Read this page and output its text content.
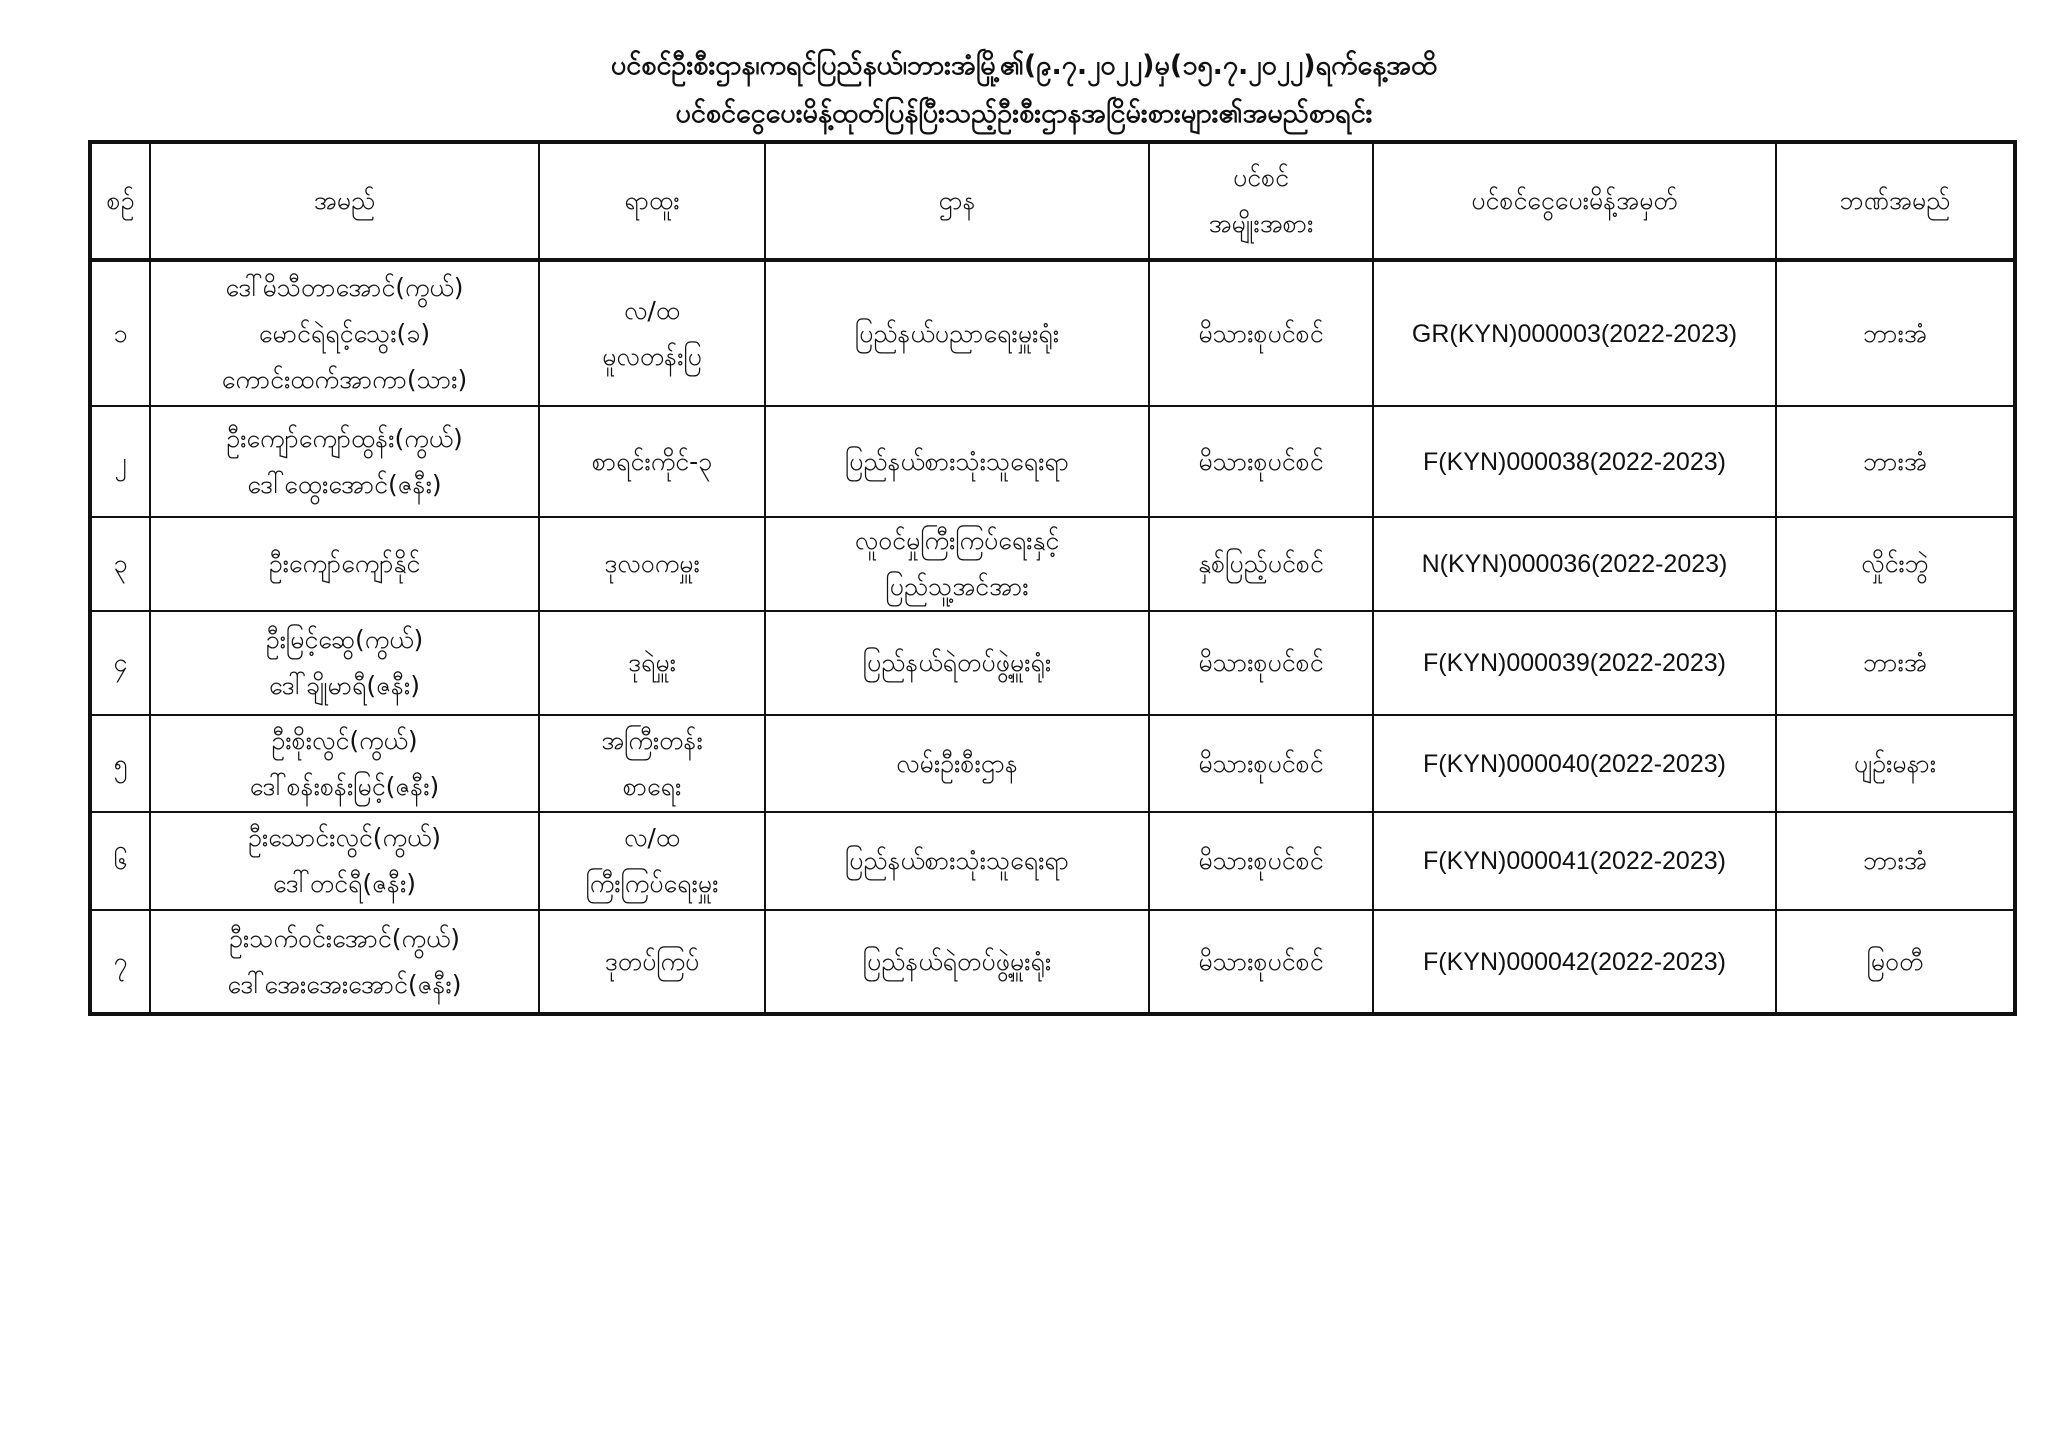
ပင်စင်ဦးစီးဌာန၊ကရင်ပြည်နယ်၊ဘားအံမြို့၏(၉.၇.၂၀၂၂)မှ(၁၅.၇.၂၀၂၂)ရက်နေ့အထိ
ပင်စင်ငွေပေးမိန့်ထုတ်ပြန်ပြီးသည့်ဦးစီးဌာနအငြိမ်းစားများ၏အမည်စာရင်း
စဉ်	အမည်	ရာထူး	ဌာန	ပင်စင်
အမျိုးအစား	ပင်စင်ငွေပေးမိန့်အမှတ်	ဘဏ်အမည်
၁	ဒေါ်မိသီတာအောင်(ကွယ်)
မောင်ရဲရင့်သွေး(ခ)
ကောင်းထက်အာကာ(သား)	လ/ထ
မူလတန်းပြ	ပြည်နယ်ပညာရေးမှူးရုံး	မိသားစုပင်စင်	GR(KYN)000003(2022-2023)	ဘားအံ
၂	ဦးကျော်ကျော်ထွန်း(ကွယ်)
ဒေါ်ထွေးအောင်(ဇနီး)	စာရင်းကိုင်-၃	ပြည်နယ်စားသုံးသူရေးရာ	မိသားစုပင်စင်	F(KYN)000038(2022-2023)	ဘားအံ
၃	ဦးကျော်ကျော်နိုင်	ဒုလဝကမှူး	လူဝင်မှုကြီးကြပ်ရေးနှင့်
ပြည်သူ့အင်အား	နှစ်ပြည့်ပင်စင်	N(KYN)000036(2022-2023)	လှိုင်းဘွဲ
၄	ဦးမြင့်ဆွေ(ကွယ်)
ဒေါ်ချိုမာရီ(ဇနီး)	ဒုရဲမှူး	ပြည်နယ်ရဲတပ်ဖွဲ့မှူးရုံး	မိသားစုပင်စင်	F(KYN)000039(2022-2023)	ဘားအံ
၅	ဦးစိုးလွင်(ကွယ်)
ဒေါ်စန်းစန်းမြင့်(ဇနီး)	အကြီးတန်း
စာရေး	လမ်းဦးစီးဌာန	မိသားစုပင်စင်	F(KYN)000040(2022-2023)	ပျဉ်းမနား
၆	ဦးသောင်းလွင်(ကွယ်)
ဒေါ်တင်ရီ(ဇနီး)	လ/ထ
ကြီးကြပ်ရေးမှူး	ပြည်နယ်စားသုံးသူရေးရာ	မိသားစုပင်စင်	F(KYN)000041(2022-2023)	ဘားအံ
၇	ဦးသက်ဝင်းအောင်(ကွယ်)
ဒေါ်အေးအေးအောင်(ဇနီး)	ဒုတပ်ကြပ်	ပြည်နယ်ရဲတပ်ဖွဲ့မှူးရုံး	မိသားစုပင်စင်	F(KYN)000042(2022-2023)	မြဝတီ
